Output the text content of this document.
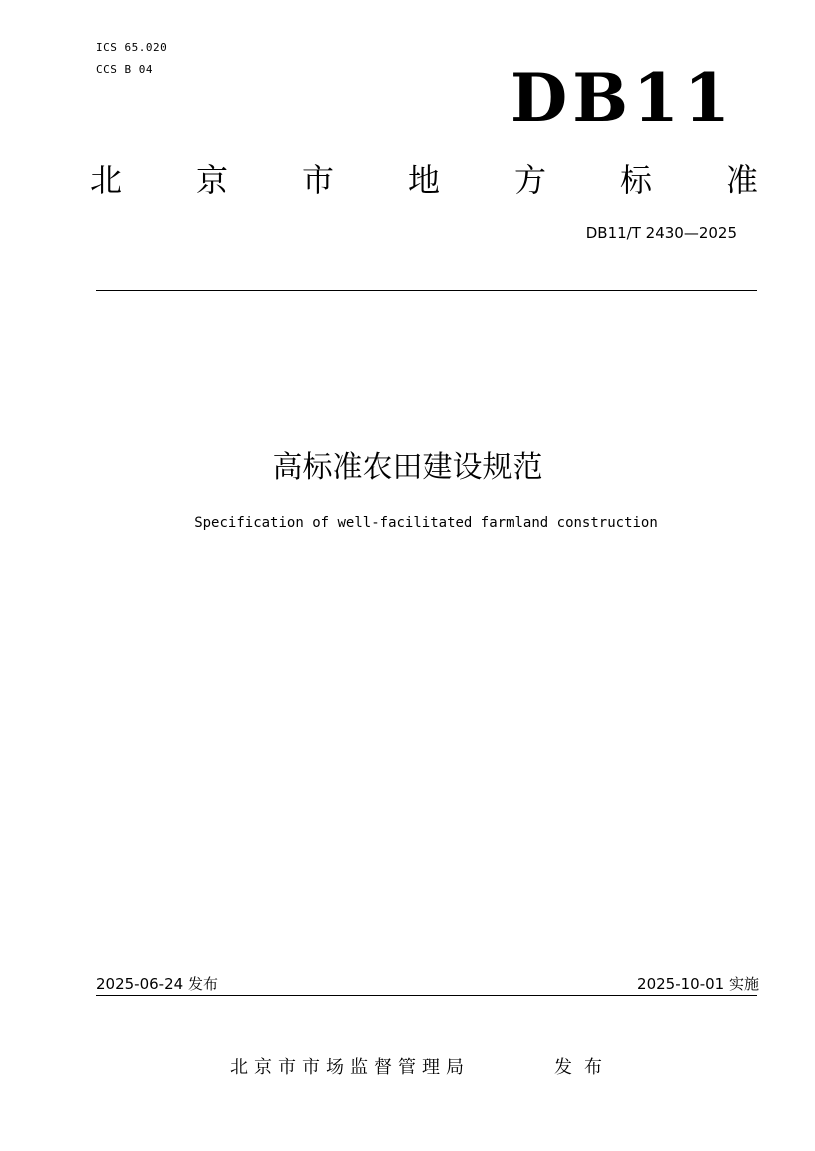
ICS 65.020
CCS B 04	DB11
北 京 市 地 方 标 准
DB11/T 2430—2025
高标准农田建设规范
Specification of well-facilitated farmland construction
2025-06-24 发布	2025-10-01 实施
北京市市场监督管理局	发布
